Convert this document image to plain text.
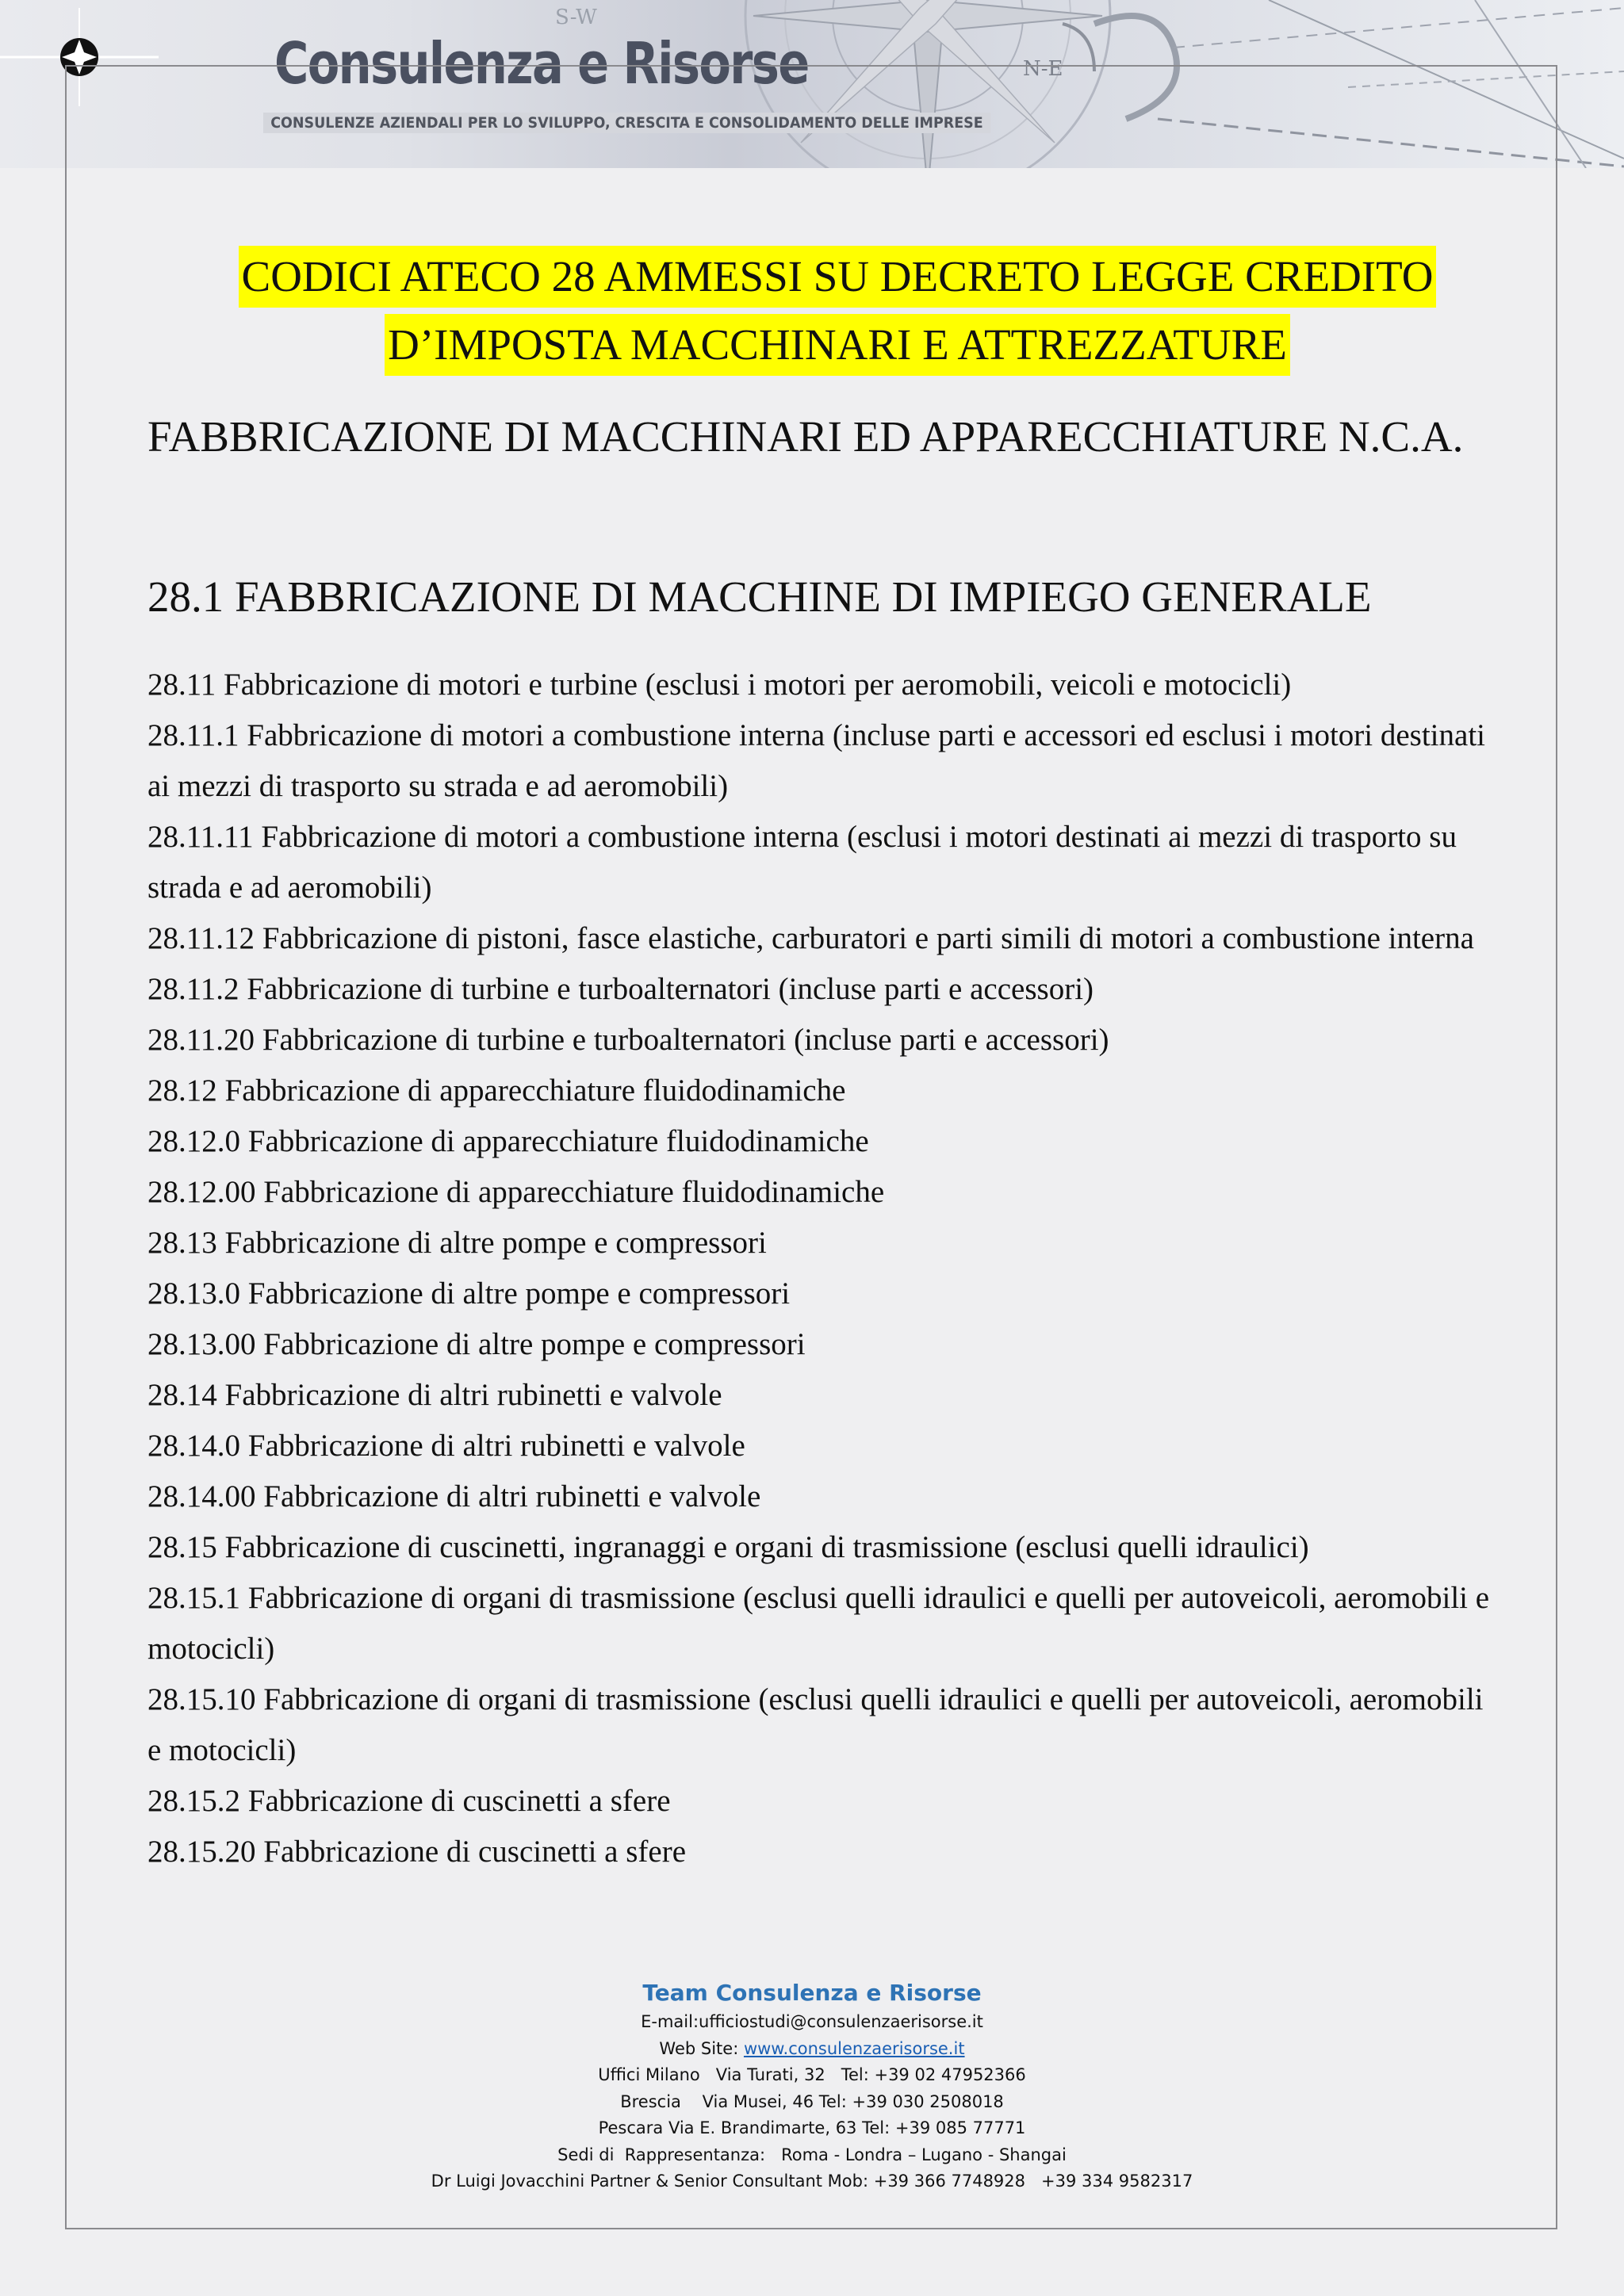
N-E
S-W
Consulenza e Risorse
CONSULENZE AZIENDALI PER LO SVILUPPO, CRESCITA E CONSOLIDAMENTO DELLE IMPRESE
CODICI ATECO 28 AMMESSI SU DECRETO LEGGE CREDITO
D’IMPOSTA MACCHINARI E ATTREZZATURE
FABBRICAZIONE DI MACCHINARI ED APPARECCHIATURE N.C.A.
28.1 FABBRICAZIONE DI MACCHINE DI IMPIEGO GENERALE

28.11 Fabbricazione di motori e turbine (esclusi i motori per aeromobili, veicoli e motocicli)

28.11.1 Fabbricazione di motori a combustione interna (incluse parti e accessori ed esclusi i motori destinati ai mezzi di trasporto su strada e ad aeromobili)

28.11.11 Fabbricazione di motori a combustione interna (esclusi i motori destinati ai mezzi di trasporto su strada e ad aeromobili)

28.11.12 Fabbricazione di pistoni, fasce elastiche, carburatori e parti simili di motori a combustione interna

28.11.2 Fabbricazione di turbine e turboalternatori (incluse parti e accessori)

28.11.20 Fabbricazione di turbine e turboalternatori (incluse parti e accessori)

28.12 Fabbricazione di apparecchiature fluidodinamiche

28.12.0 Fabbricazione di apparecchiature fluidodinamiche

28.12.00 Fabbricazione di apparecchiature fluidodinamiche

28.13 Fabbricazione di altre pompe e compressori

28.13.0 Fabbricazione di altre pompe e compressori

28.13.00 Fabbricazione di altre pompe e compressori

28.14 Fabbricazione di altri rubinetti e valvole

28.14.0 Fabbricazione di altri rubinetti e valvole

28.14.00 Fabbricazione di altri rubinetti e valvole

28.15 Fabbricazione di cuscinetti, ingranaggi e organi di trasmissione (esclusi quelli idraulici)

28.15.1 Fabbricazione di organi di trasmissione (esclusi quelli idraulici e quelli per autoveicoli, aeromobili e motocicli)

28.15.10 Fabbricazione di organi di trasmissione (esclusi quelli idraulici e quelli per autoveicoli, aeromobili e motocicli)

28.15.2 Fabbricazione di cuscinetti a sfere

28.15.20 Fabbricazione di cuscinetti a sfere

Team Consulenza e Risorse
E-mail:ufficiostudi@consulenzaerisorse.it
Web Site: www.consulenzaerisorse.it
Uffici Milano   Via Turati, 32   Tel: +39 02 47952366
Brescia    Via Musei, 46 Tel: +39 030 2508018
Pescara Via E. Brandimarte, 63 Tel: +39 085 77771
Sedi di  Rappresentanza:   Roma - Londra – Lugano - Shangai
Dr Luigi Jovacchini Partner & Senior Consultant Mob: +39 366 7748928   +39 334 9582317
